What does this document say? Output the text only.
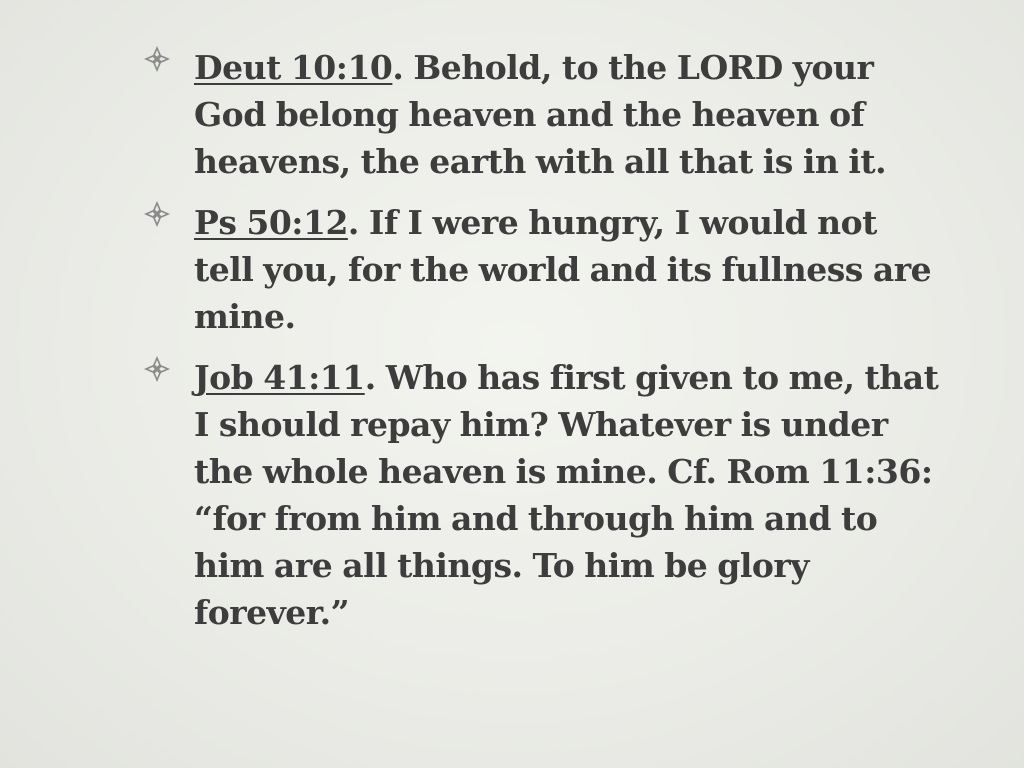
Deut 10:10. Behold, to the LORD your God belong heaven and the heaven of heavens, the earth with all that is in it.
Ps 50:12. If I were hungry, I would not tell you, for the world and its fullness are mine.
Job 41:11. Who has first given to me, that I should repay him? Whatever is under the whole heaven is mine. Cf. Rom 11:36: “for from him and through him and to him are all things. To him be glory forever.”
